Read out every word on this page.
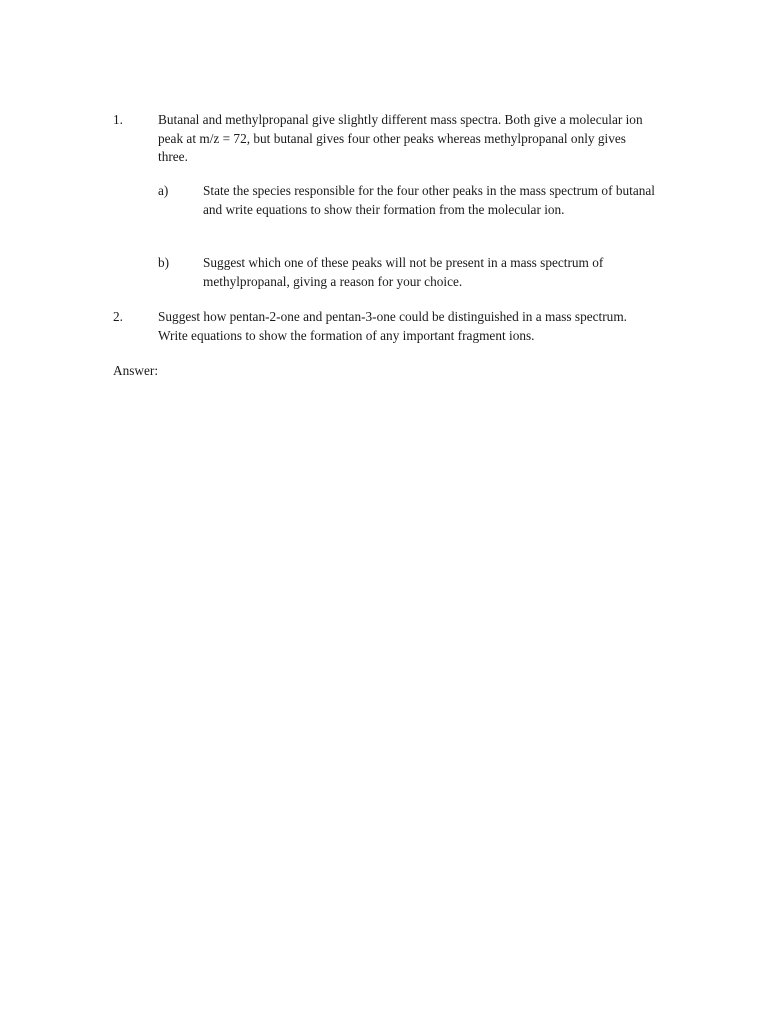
1.	Butanal and methylpropanal give slightly different mass spectra. Both give a molecular ion peak at m/z = 72, but butanal gives four other peaks whereas methylpropanal only gives three.
a)	State the species responsible for the four other peaks in the mass spectrum of butanal and write equations to show their formation from the molecular ion.
b)	Suggest which one of these peaks will not be present in a mass spectrum of methylpropanal, giving a reason for your choice.
2.	Suggest how pentan-2-one and pentan-3-one could be distinguished in a mass spectrum. Write equations to show the formation of any important fragment ions.
Answer:
